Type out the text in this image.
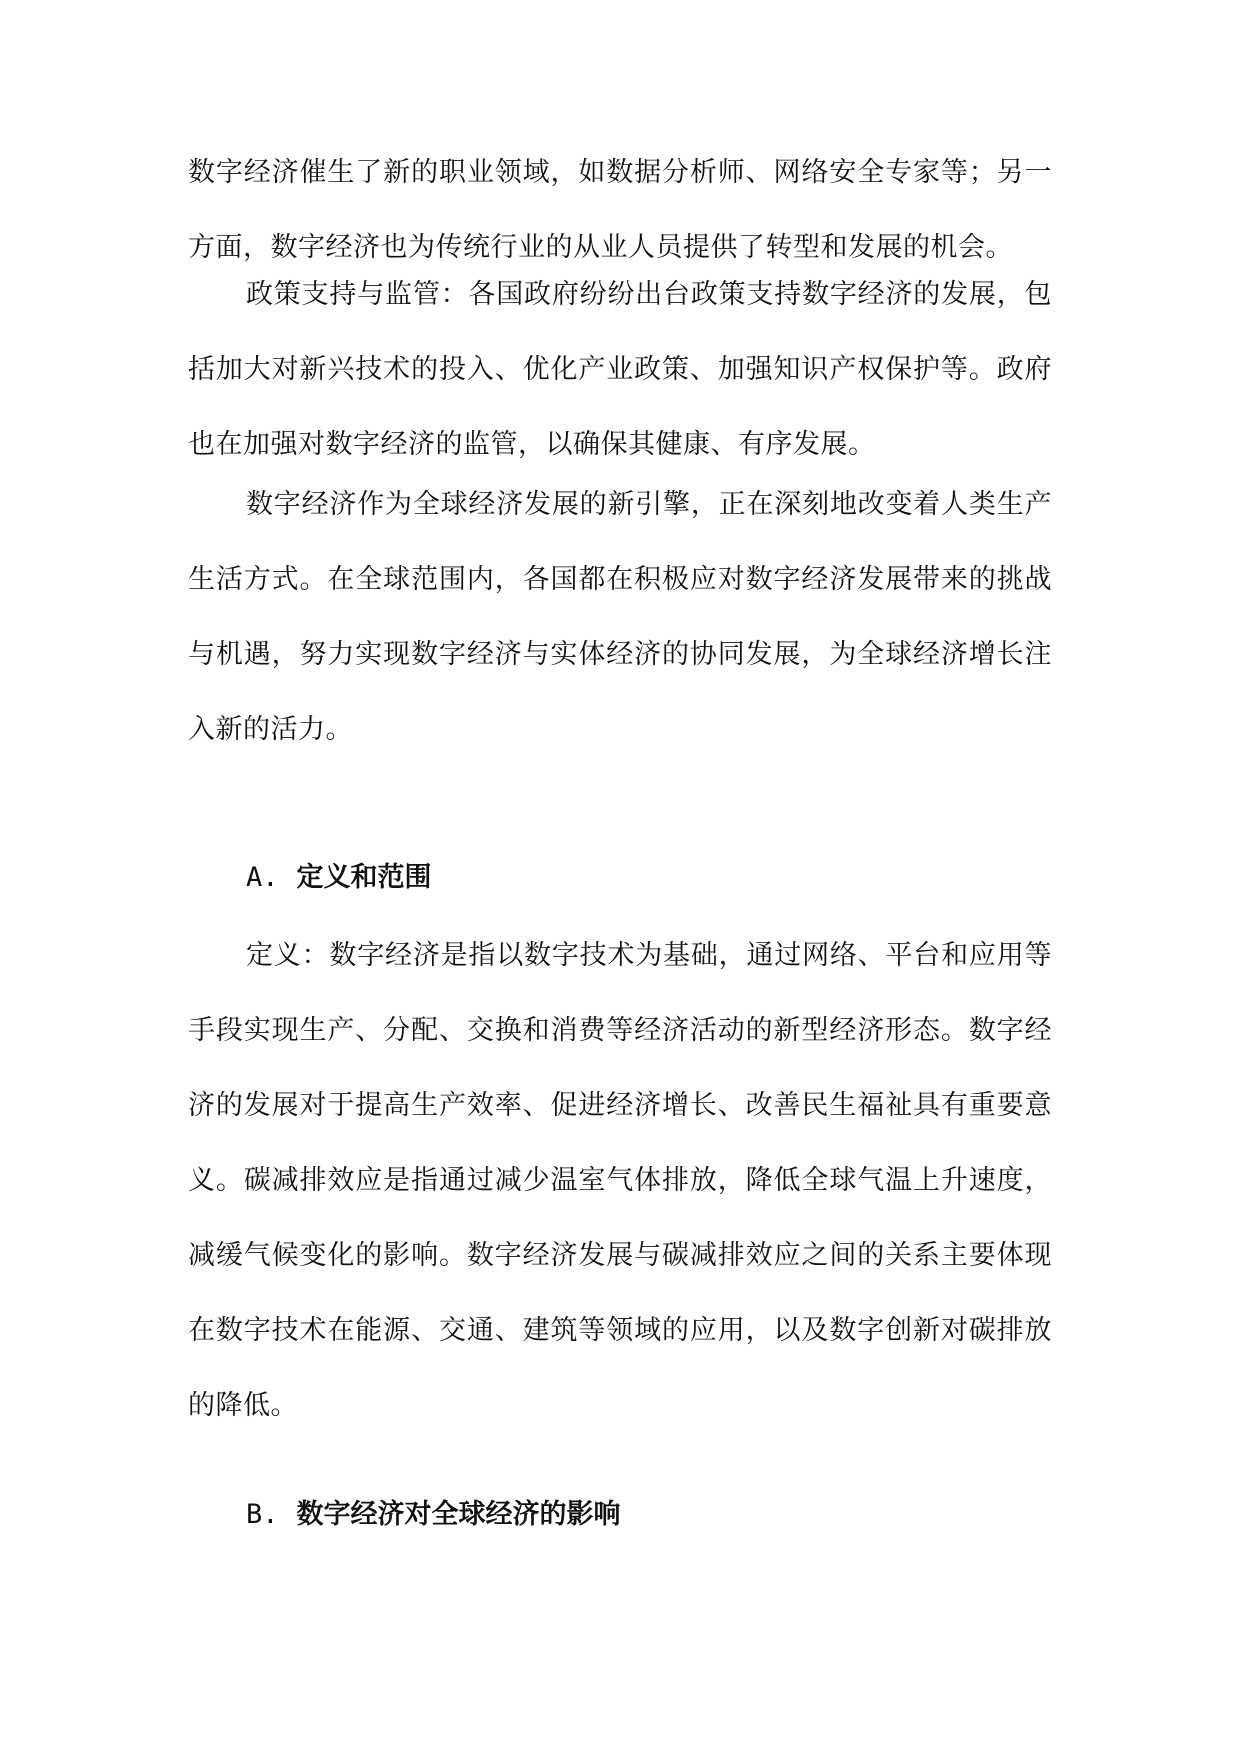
数字经济催生了新的职业领域，如数据分析师、网络安全专家等；另一方面，数字经济也为传统行业的从业人员提供了转型和发展的机会。

政策支持与监管：各国政府纷纷出台政策支持数字经济的发展，包括加大对新兴技术的投入、优化产业政策、加强知识产权保护等。政府也在加强对数字经济的监管，以确保其健康、有序发展。

数字经济作为全球经济发展的新引擎，正在深刻地改变着人类生产生活方式。在全球范围内，各国都在积极应对数字经济发展带来的挑战与机遇，努力实现数字经济与实体经济的协同发展，为全球经济增长注入新的活力。

A. 定义和范围

定义：数字经济是指以数字技术为基础，通过网络、平台和应用等手段实现生产、分配、交换和消费等经济活动的新型经济形态。数字经济的发展对于提高生产效率、促进经济增长、改善民生福祉具有重要意义。碳减排效应是指通过减少温室气体排放，降低全球气温上升速度，减缓气候变化的影响。数字经济发展与碳减排效应之间的关系主要体现在数字技术在能源、交通、建筑等领域的应用，以及数字创新对碳排放的降低。

B. 数字经济对全球经济的影响
